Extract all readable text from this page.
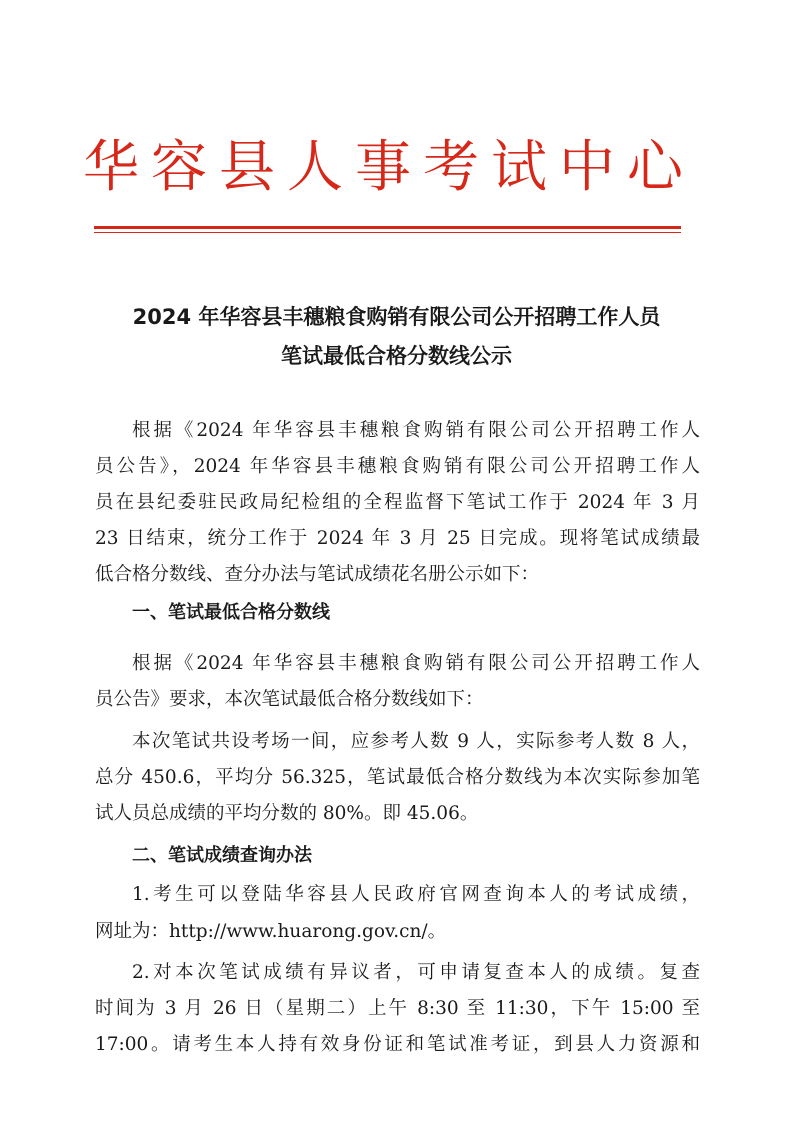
华容县人事考试中心
2024 年华容县丰穗粮食购销有限公司公开招聘工作人员
笔试最低合格分数线公示
根据《2024 年华容县丰穗粮食购销有限公司公开招聘工作人
员公告》，2024 年华容县丰穗粮食购销有限公司公开招聘工作人
员在县纪委驻民政局纪检组的全程监督下笔试工作于 2024 年 3 月
23 日结束，统分工作于 2024 年 3 月 25 日完成。现将笔试成绩最
低合格分数线、查分办法与笔试成绩花名册公示如下：
一、笔试最低合格分数线
根据《2024 年华容县丰穗粮食购销有限公司公开招聘工作人
员公告》要求，本次笔试最低合格分数线如下：
本次笔试共设考场一间，应参考人数 9 人，实际参考人数 8 人，
总分 450.6，平均分 56.325，笔试最低合格分数线为本次实际参加笔
试人员总成绩的平均分数的 80%。即 45.06。
二、笔试成绩查询办法
1.考生可以登陆华容县人民政府官网查询本人的考试成绩，
网址为：http://www.huarong.gov.cn/。
2.对本次笔试成绩有异议者，可申请复查本人的成绩。复查
时间为 3 月 26 日（星期二）上午 8:30 至 11:30，下午 15:00 至
17:00。请考生本人持有效身份证和笔试准考证，到县人力资源和
